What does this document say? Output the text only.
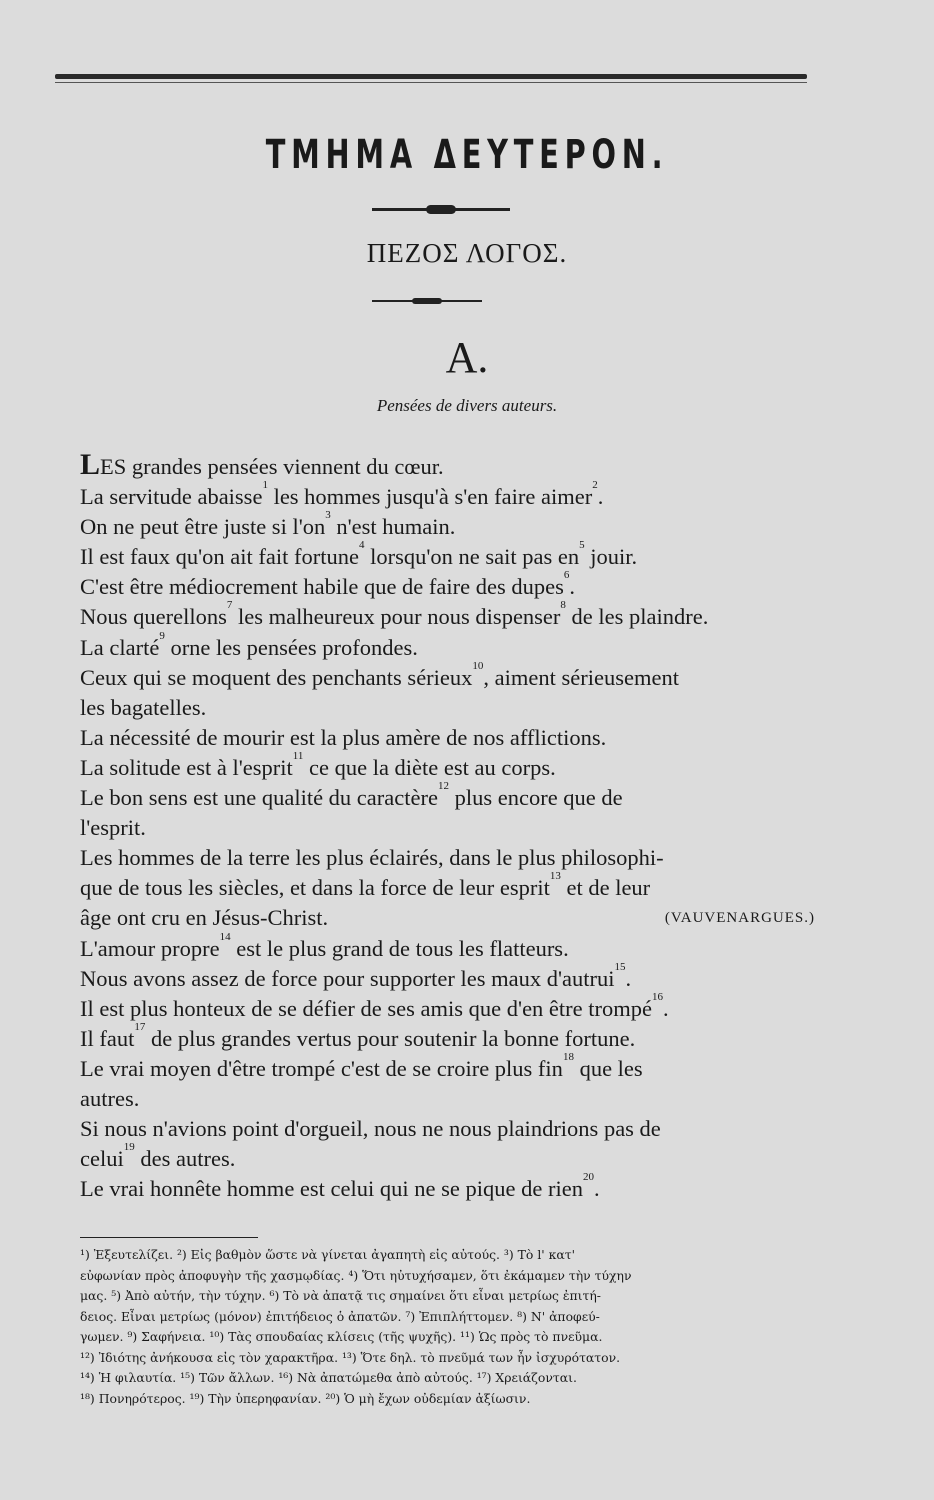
ΤΜΗΜΑ ΔΕΥΤΕΡΟΝ.
ΠΕΖΟΣ ΛΟΓΟΣ.
Α.
Pensées de divers auteurs.
LES grandes pensées viennent du cœur.
La servitude abaisse$^1$ les hommes jusqu'à s'en faire aimer$^2$.
On ne peut être juste si $l'on^3$ n'est humain.
Il est faux qu'on ait fait fortune$^4$ lorsqu'on ne sait pas $en^5$ jouir.
C'est être médiocrement habile que de faire des dupes$^6$.
Nous querellons$^7$ les malheureux pour nous dispenser$^8$ de les plaindre.
La clarté$^9$ orne les pensées profondes.
Ceux qui se moquent des penchants sérieux$^{10}$, aiment sérieusement
les bagatelles.
La nécessité de mourir est la plus amère de nos afflictions.
La solitude est à l'esprit$^{11}$ ce que la diète est au corps.
Le bon sens est une qualité du caractère$^{12}$ plus encore que de
l'esprit.
Les hommes de la terre les plus éclairés, dans le plus philosophi-
que de tous les siècles, et dans la force de leur esprit$^{13}$ et de leur
âge ont cru en Jésus-Christ.	(VAUVENARGUES.)
L'amour propre$^{14}$ est le plus grand de tous les flatteurs.
Nous avons assez de force pour supporter les maux d'autrui$^{15}$.
Il est plus honteux de se défier de ses amis que d'en être trompé$^{16}$.
Il faut$^{17}$ de plus grandes vertus pour soutenir la bonne fortune.
Le vrai moyen d'être trompé c'est de se croire plus fin$^{18}$ que les
autres.
Si nous n'avions point d'orgueil, nous ne nous plaindrions pas de
celui$^{19}$ des autres.
Le vrai honnête homme est celui qui ne se pique de rien$^{20}$.
¹) Ἐξευτελίζει. ²) Εἰς βαθμὸν ὥστε νὰ γίνεται ἀγαπητὴ εἰς αὐτούς. ³) Τὸ l' κατ'
εὐφωνίαν πρὸς ἀποφυγὴν τῆς χασμῳδίας. ⁴) Ὅτι ηὐτυχήσαμεν, ὅτι ἐκάμαμεν τὴν τύχην
μας. ⁵) Ἀπὸ αὐτήν, τὴν τύχην. ⁶) Τὸ νὰ ἀπατᾷ τις σημαίνει ὅτι εἶναι μετρίως ἐπιτή-
δειος. Εἶναι μετρίως (μόνον) ἐπιτήδειος ὁ ἀπατῶν. ⁷) Ἐπιπλήττομεν. ⁸) Ν' ἀποφεύ-
γωμεν. ⁹) Σαφήνεια. ¹⁰) Τὰς σπουδαίας κλίσεις (τῆς ψυχῆς). ¹¹) Ὡς πρὸς τὸ πνεῦμα.
¹²) Ἰδιότης ἀνήκουσα εἰς τὸν χαρακτῆρα. ¹³) Ὅτε δηλ. τὸ πνεῦμά των ἦν ἰσχυρότατον.
¹⁴) Ἡ φιλαυτία. ¹⁵) Τῶν ἄλλων. ¹⁶) Νὰ ἀπατώμεθα ἀπὸ αὐτούς. ¹⁷) Χρειάζονται.
¹⁸) Πονηρότερος. ¹⁹) Τὴν ὑπερηφανίαν. ²⁰) Ὁ μὴ ἔχων οὐδεμίαν ἀξίωσιν.
